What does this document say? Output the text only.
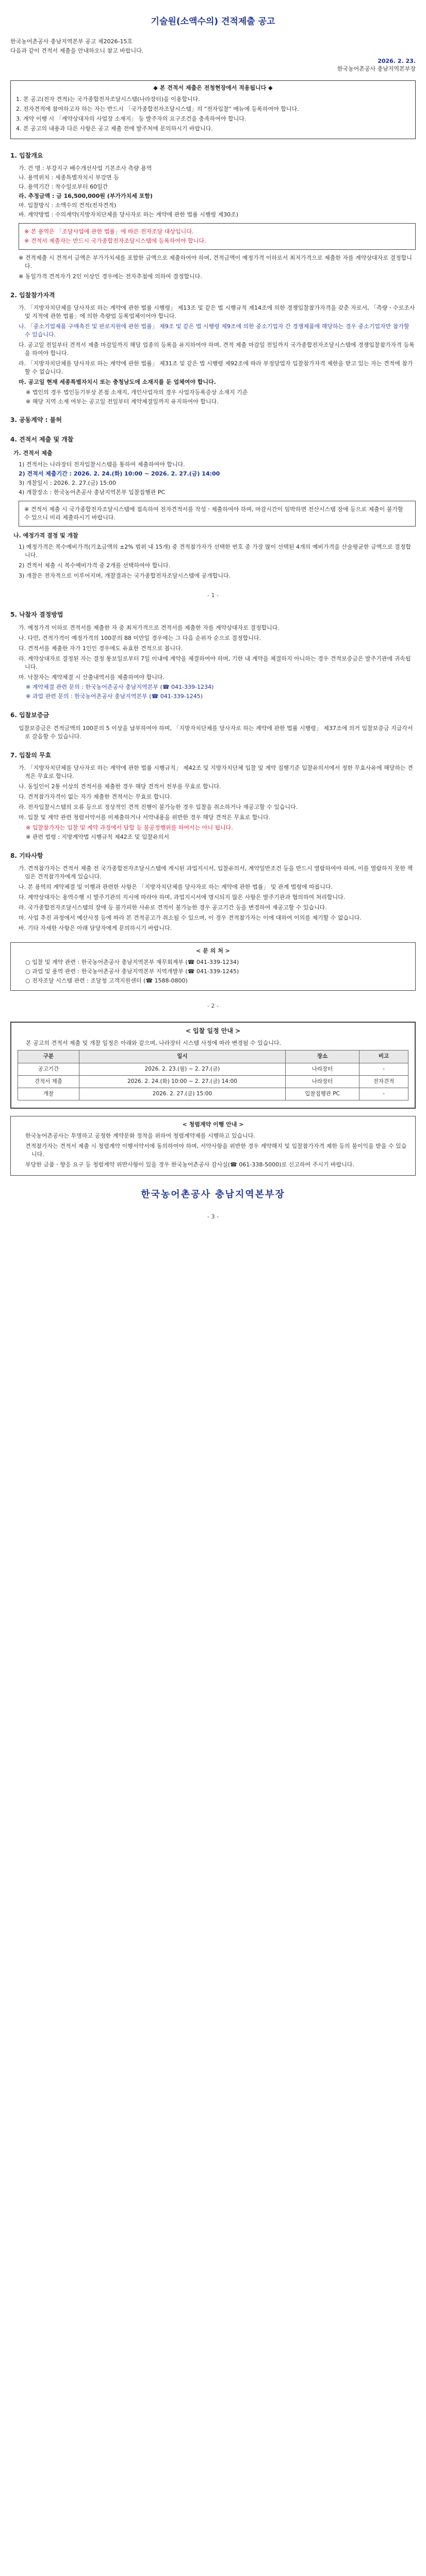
기술원(소액수의) 견적제출 공고
한국농어촌공사 충남지역본부 공고 제2026-15호
다음과 같이 견적서 제출을 안내하오니 참고 바랍니다.
2026. 2. 23.
한국농어촌공사 충남지역본부장
◆ 본 견적서 제출은 전청현장에서 적용됩니다 ◆
1. 본 공고(전자 견적)는 국가종합전자조달시스템(나라장터)을 이용합니다.
2. 전자견적에 참여하고자 하는 자는 반드시 「국가종합전자조달시스템」의 "전자입찰" 메뉴에 등록하여야 합니다.
3. 계약 이행 시 「계약상대자의 사업장 소재지」 등 발주자의 요구조건을 충족하여야 합니다.
4. 본 공고의 내용과 다른 사항은 공고 제출 전에 발주처에 문의하시기 바랍니다.
1. 입찰개요
가. 건 명 : 부강지구 배수개선사업 기본조사 측량 용역
나. 용역위치 : 세종특별자치시 부강면 등
다. 용역기간 : 착수일로부터 60일간
라. 추정금액 : 금 16,500,000원 (부가가치세 포함)
마. 입찰방식 : 소액수의 견적(전자견적)
바. 계약방법 : 수의계약(지방자치단체를 당사자로 하는 계약에 관한 법률 시행령 제30조)
※ 본 용역은 「조달사업에 관한 법률」에 따른 전자조달 대상입니다.
※ 견적서 제출자는 반드시 국가종합전자조달시스템에 등록하여야 합니다.
※ 견적제출 시 견적서 금액은 부가가치세를 포함한 금액으로 제출하여야 하며, 견적금액이 예정가격 이하로서 최저가격으로 제출한 자를 계약상대자로 결정합니다.
※ 동일가격 견적자가 2인 이상인 경우에는 전자추첨에 의하여 결정합니다.
2. 입찰참가자격
가. 「지방자치단체를 당사자로 하는 계약에 관한 법률 시행령」 제13조 및 같은 법 시행규칙 제14조에 의한 경쟁입찰참가자격을 갖춘 자로서, 「측량ㆍ수로조사 및 지적에 관한 법률」에 의한 측량업 등록업체이어야 합니다.
나. 「중소기업제품 구매촉진 및 판로지원에 관한 법률」 제9조 및 같은 법 시행령 제9조에 의한 중소기업자 간 경쟁제품에 해당하는 경우 중소기업자만 참가할 수 있습니다.
다. 공고일 전일부터 견적서 제출 마감일까지 해당 업종의 등록을 유지하여야 하며, 견적 제출 마감일 전일까지 국가종합전자조달시스템에 경쟁입찰참가자격 등록을 하여야 합니다.
라. 「지방자치단체를 당사자로 하는 계약에 관한 법률」 제31조 및 같은 법 시행령 제92조에 따라 부정당업자 입찰참가자격 제한을 받고 있는 자는 견적에 참가할 수 없습니다.
마. 공고일 현재 세종특별자치시 또는 충청남도에 소재지를 둔 업체여야 합니다.
※ 법인의 경우 법인등기부상 본점 소재지, 개인사업자의 경우 사업자등록증상 소재지 기준
※ 해당 지역 소재 여부는 공고일 전일부터 계약체결일까지 유지하여야 합니다.
3. 공동계약 : 불허
4. 견적서 제출 및 개찰
가. 견적서 제출
1) 견적서는 나라장터 전자입찰시스템을 통하여 제출하여야 합니다.
2) 견적서 제출기간 : 2026. 2. 24.(화) 10:00 ~ 2026. 2. 27.(금) 14:00
3) 개찰일시 : 2026. 2. 27.(금) 15:00
4) 개찰장소 : 한국농어촌공사 충남지역본부 입찰집행관 PC
※ 견적서 제출 시 국가종합전자조달시스템에 접속하여 전자견적서를 작성ㆍ제출하여야 하며, 마감시간이 임박하면 전산시스템 장애 등으로 제출이 불가할 수 있으니 미리 제출하시기 바랍니다.
나. 예정가격 결정 및 개찰
1) 예정가격은 복수예비가격(기초금액의 ±2% 범위 내 15개) 중 견적참가자가 선택한 번호 중 가장 많이 선택된 4개의 예비가격을 산술평균한 금액으로 결정합니다.
2) 견적서 제출 시 복수예비가격 중 2개를 선택하여야 합니다.
3) 개찰은 전자적으로 이루어지며, 개찰결과는 국가종합전자조달시스템에 공개합니다.
- 1 -
5. 낙찰자 결정방법
가. 예정가격 이하로 견적서를 제출한 자 중 최저가격으로 견적서를 제출한 자를 계약상대자로 결정합니다.
나. 다만, 견적가격이 예정가격의 100분의 88 미만일 경우에는 그 다음 순위자 순으로 결정합니다.
다. 견적서를 제출한 자가 1인인 경우에도 유효한 견적으로 봅니다.
라. 계약상대자로 결정된 자는 결정 통보일로부터 7일 이내에 계약을 체결하여야 하며, 기한 내 계약을 체결하지 아니하는 경우 견적보증금은 발주기관에 귀속됩니다.
마. 낙찰자는 계약체결 시 산출내역서를 제출하여야 합니다.
※ 계약체결 관련 문의 : 한국농어촌공사 충남지역본부 (☎ 041-339-1234)
※ 과업 관련 문의 : 한국농어촌공사 충남지역본부 (☎ 041-339-1245)
6. 입찰보증금
입찰보증금은 견적금액의 100분의 5 이상을 납부하여야 하며, 「지방자치단체를 당사자로 하는 계약에 관한 법률 시행령」 제37조에 의거 입찰보증금 지급각서로 갈음할 수 있습니다.
7. 입찰의 무효
가. 「지방자치단체를 당사자로 하는 계약에 관한 법률 시행규칙」 제42조 및 지방자치단체 입찰 및 계약 집행기준 입찰유의서에서 정한 무효사유에 해당하는 견적은 무효로 합니다.
나. 동일인이 2통 이상의 견적서를 제출한 경우 해당 견적서 전부를 무효로 합니다.
다. 견적참가자격이 없는 자가 제출한 견적서는 무효로 합니다.
라. 전자입찰시스템의 오류 등으로 정상적인 견적 진행이 불가능한 경우 입찰을 취소하거나 재공고할 수 있습니다.
마. 입찰 및 계약 관련 청렴서약서를 미제출하거나 서약내용을 위반한 경우 해당 견적은 무효로 합니다.
※ 입찰참가자는 입찰 및 계약 과정에서 담합 등 불공정행위를 하여서는 아니 됩니다.
※ 관련 법령 : 지방계약법 시행규칙 제42조 및 입찰유의서
8. 기타사항
가. 견적참가자는 견적서 제출 전 국가종합전자조달시스템에 게시된 과업지시서, 입찰유의서, 계약일반조건 등을 반드시 열람하여야 하며, 이를 열람하지 못한 책임은 견적참가자에게 있습니다.
나. 본 용역의 계약체결 및 이행과 관련한 사항은 「지방자치단체를 당사자로 하는 계약에 관한 법률」 및 관계 법령에 따릅니다.
다. 계약상대자는 용역수행 시 발주기관의 지시에 따라야 하며, 과업지시서에 명시되지 않은 사항은 발주기관과 협의하여 처리합니다.
라. 국가종합전자조달시스템의 장애 등 불가피한 사유로 견적이 불가능한 경우 공고기간 등을 변경하여 재공고할 수 있습니다.
마. 사업 추진 과정에서 예산사정 등에 따라 본 견적공고가 취소될 수 있으며, 이 경우 견적참가자는 이에 대하여 이의를 제기할 수 없습니다.
바. 기타 자세한 사항은 아래 담당자에게 문의하시기 바랍니다.
< 문 의 처 >
○ 입찰 및 계약 관련 : 한국농어촌공사 충남지역본부 재무회계부 (☎ 041-339-1234)
○ 과업 및 용역 관련 : 한국농어촌공사 충남지역본부 지역개발부 (☎ 041-339-1245)
○ 전자조달 시스템 관련 : 조달청 고객지원센터 (☎ 1588-0800)
- 2 -
< 입찰 일정 안내 >
본 공고의 견적서 제출 및 개찰 일정은 아래와 같으며, 나라장터 시스템 사정에 따라 변경될 수 있습니다.
구분	일시	장소	비고
공고기간	2026. 2. 23.(월) ~ 2. 27.(금)	나라장터	-
견적서 제출	2026. 2. 24.(화) 10:00 ~ 2. 27.(금) 14:00	나라장터	전자견적
개찰	2026. 2. 27.(금) 15:00	입찰집행관 PC	-
< 청렴계약 이행 안내 >
한국농어촌공사는 투명하고 공정한 계약문화 정착을 위하여 청렴계약제를 시행하고 있습니다.
견적참가자는 견적서 제출 시 청렴계약 이행서약서에 동의하여야 하며, 서약사항을 위반한 경우 계약해지 및 입찰참가자격 제한 등의 불이익을 받을 수 있습니다.
부당한 금품ㆍ향응 요구 등 청렴계약 위반사항이 있을 경우 한국농어촌공사 감사실(☎ 061-338-5000)로 신고하여 주시기 바랍니다.
한국농어촌공사 충남지역본부장
- 3 -
